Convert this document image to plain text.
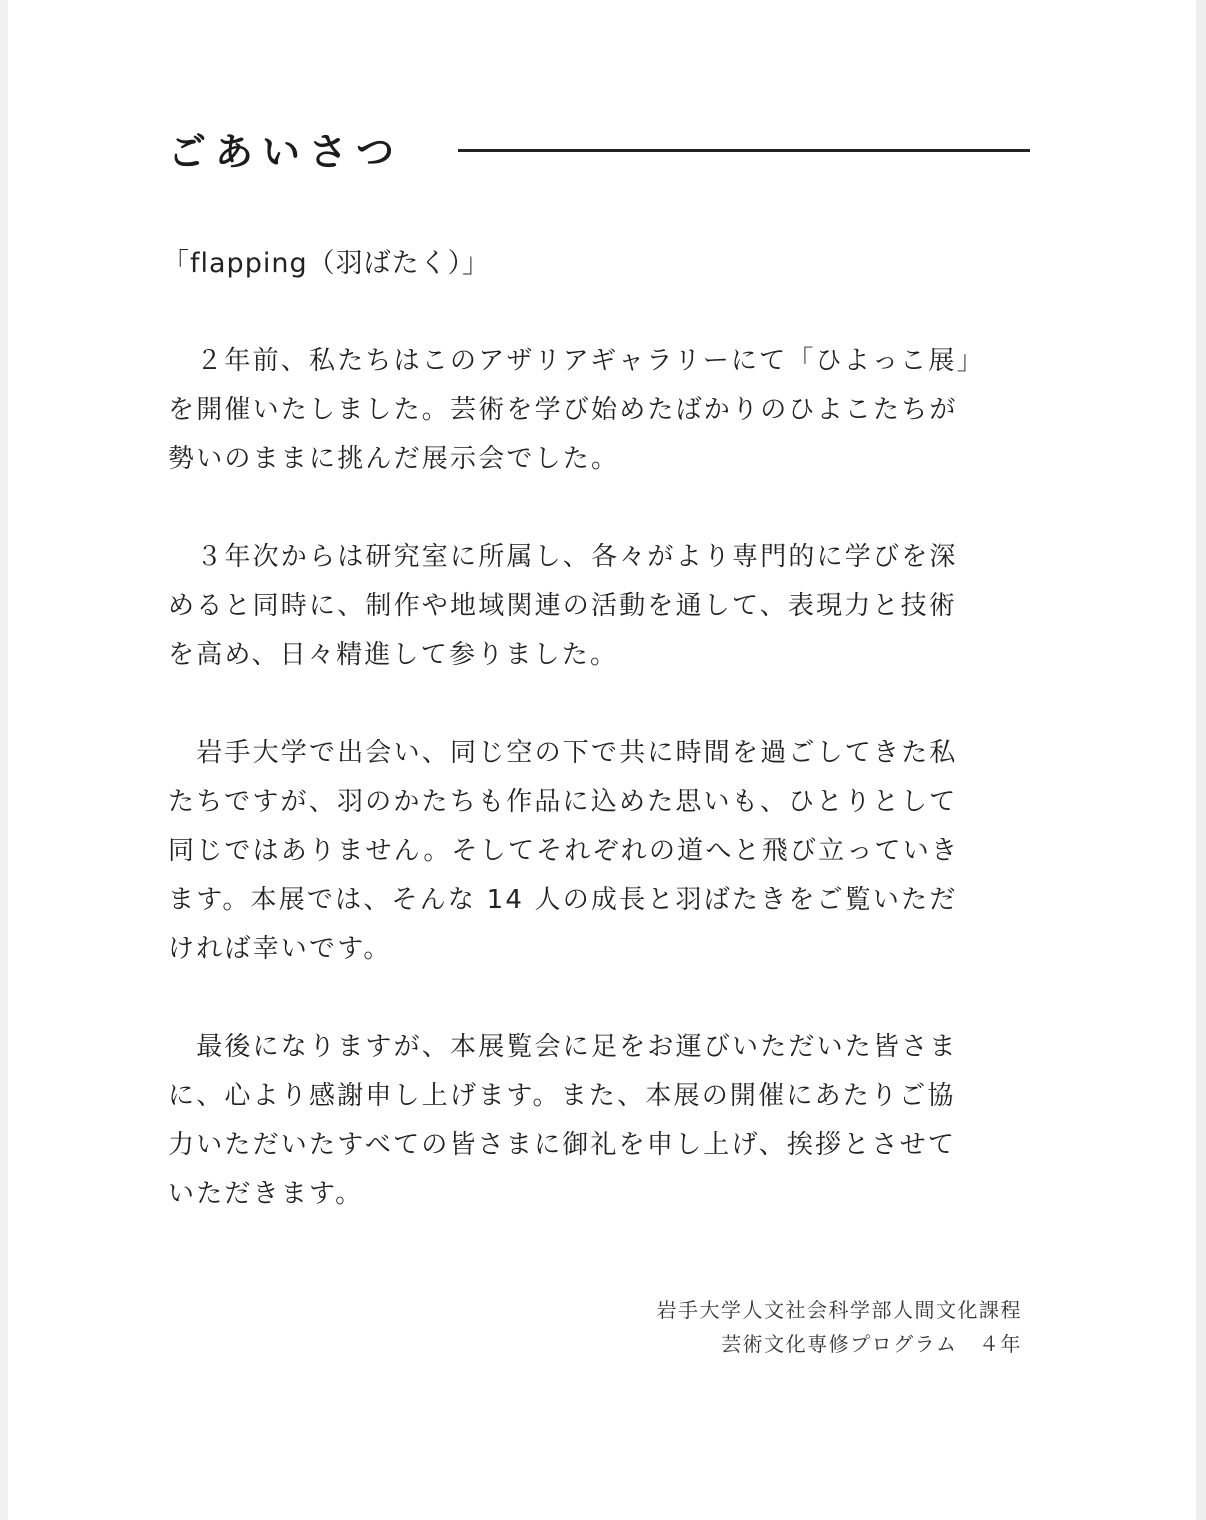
ごあいさつ
「flapping（羽ばたく）」
　２年前、私たちはこのアザリアギャラリーにて「ひよっこ展」
を開催いたしました。芸術を学び始めたばかりのひよこたちが
勢いのままに挑んだ展示会でした。
　３年次からは研究室に所属し、各々がより専門的に学びを深
めると同時に、制作や地域関連の活動を通して、表現力と技術
を高め、日々精進して参りました。
　岩手大学で出会い、同じ空の下で共に時間を過ごしてきた私
たちですが、羽のかたちも作品に込めた思いも、ひとりとして
同じではありません。そしてそれぞれの道へと飛び立っていき
ます。本展では、そんな 14 人の成長と羽ばたきをご覧いただ
ければ幸いです。
　最後になりますが、本展覧会に足をお運びいただいた皆さま
に、心より感謝申し上げます。また、本展の開催にあたりご協
力いただいたすべての皆さまに御礼を申し上げ、挨拶とさせて
いただきます。
岩手大学人文社会科学部人間文化課程
芸術文化専修プログラム　４年
